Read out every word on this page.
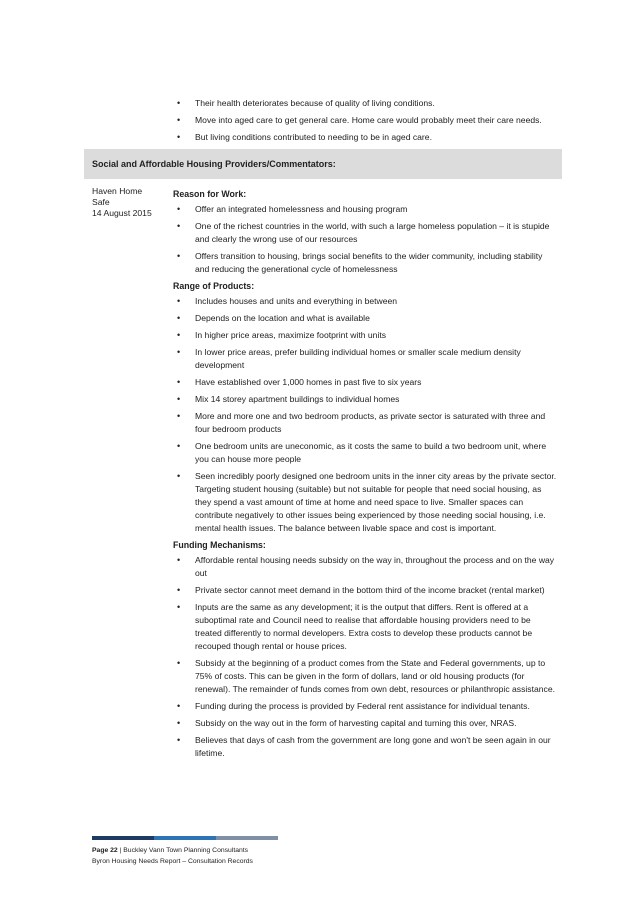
• Their health deteriorates because of quality of living conditions.
• Move into aged care to get general care. Home care would probably meet their care needs.
• But living conditions contributed to needing to be in aged care.
Social and Affordable Housing Providers/Commentators:
Haven Home
Safe
14 August 2015
Reason for Work:
• Offer an integrated homelessness and housing program
• One of the richest countries in the world, with such a large homeless population – it is stupide and clearly the wrong use of our resources
• Offers transition to housing, brings social benefits to the wider community, including stability and reducing the generational cycle of homelessness
Range of Products:
• Includes houses and units and everything in between
• Depends on the location and what is available
• In higher price areas, maximize footprint with units
• In lower price areas, prefer building individual homes or smaller scale medium density development
• Have established over 1,000 homes in past five to six years
• Mix 14 storey apartment buildings to individual homes
• More and more one and two bedroom products, as private sector is saturated with three and four bedroom products
• One bedroom units are uneconomic, as it costs the same to build a two bedroom unit, where you can house more people
• Seen incredibly poorly designed one bedroom units in the inner city areas by the private sector. Targeting student housing (suitable) but not suitable for people that need social housing, as they spend a vast amount of time at home and need space to live. Smaller spaces can contribute negatively to other issues being experienced by those needing social housing, i.e. mental health issues. The balance between livable space and cost is important.
Funding Mechanisms:
• Affordable rental housing needs subsidy on the way in, throughout the process and on the way out
• Private sector cannot meet demand in the bottom third of the income bracket (rental market)
• Inputs are the same as any development; it is the output that differs. Rent is offered at a suboptimal rate and Council need to realise that affordable housing providers need to be treated differently to normal developers. Extra costs to develop these products cannot be recouped though rental or house prices.
• Subsidy at the beginning of a product comes from the State and Federal governments, up to 75% of costs. This can be given in the form of dollars, land or old housing products (for renewal). The remainder of funds comes from own debt, resources or philanthropic assistance.
• Funding during the process is provided by Federal rent assistance for individual tenants.
• Subsidy on the way out in the form of harvesting capital and turning this over, NRAS.
• Believes that days of cash from the government are long gone and won't be seen again in our lifetime.
Page 22 | Buckley Vann Town Planning Consultants
Byron Housing Needs Report – Consultation Records
